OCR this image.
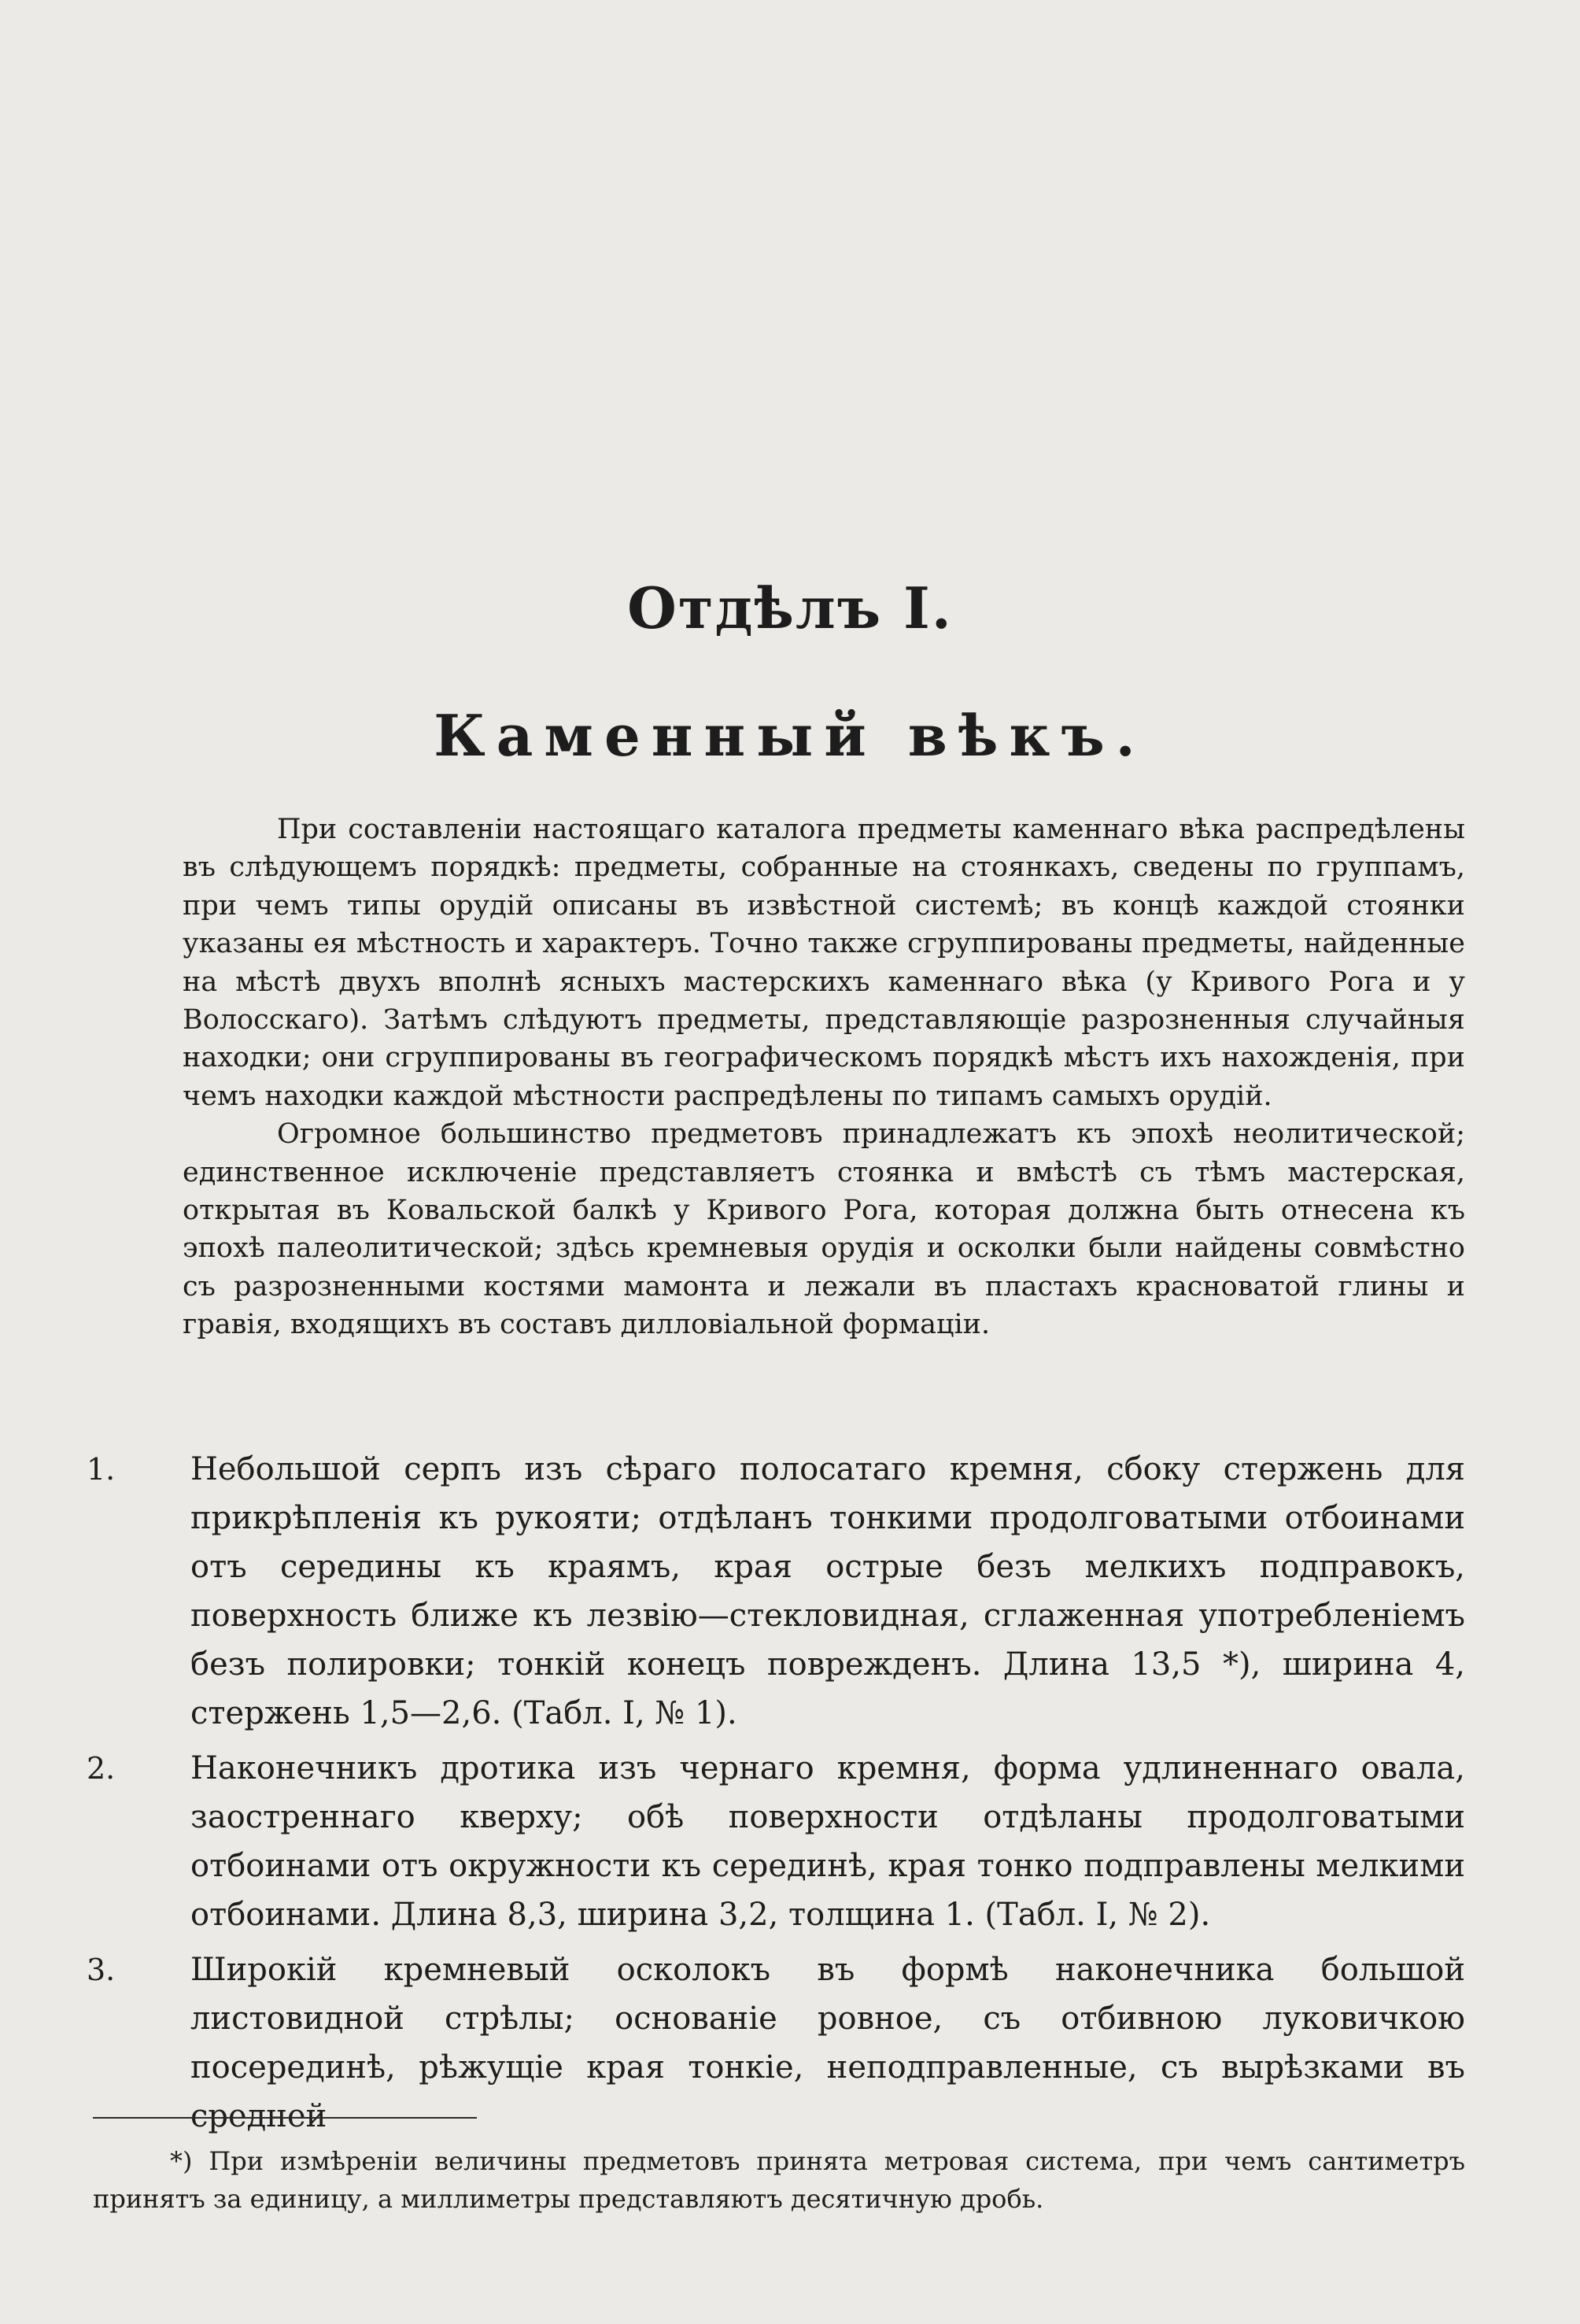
Отдѣлъ I.
Каменный вѣкъ.

При составленіи настоящаго каталога предметы каменнаго вѣка распредѣлены въ слѣдующемъ порядкѣ: предметы, собранные на стоянкахъ, сведены по группамъ, при чемъ типы орудій описаны въ извѣстной системѣ; въ концѣ каждой стоянки указаны ея мѣстность и характеръ. Точно также сгруппированы предметы, найденные на мѣстѣ двухъ вполнѣ ясныхъ мастерскихъ каменнаго вѣка (у Кривого Рога и у Волосскаго). Затѣмъ слѣдуютъ предметы, представляющіе разрозненныя случайныя находки; они сгруппированы въ географическомъ порядкѣ мѣстъ ихъ нахожденія, при чемъ находки каждой мѣстности распредѣлены по типамъ самыхъ орудій.

Огромное большинство предметовъ принадлежатъ къ эпохѣ неолитической; единственное исключеніе представляетъ стоянка и вмѣстѣ съ тѣмъ мастерская, открытая въ Ковальской балкѣ у Кривого Рога, которая должна быть отнесена къ эпохѣ палеолитической; здѣсь кремневыя орудія и осколки были найдены совмѣстно съ разрозненными костями мамонта и лежали въ пластахъ красноватой глины и гравія, входящихъ въ составъ дилловіальной формаціи.

1.	Небольшой серпъ изъ сѣраго полосатаго кремня, сбоку стержень для прикрѣпленія къ рукояти; отдѣланъ тонкими продолговатыми отбоинами отъ середины къ краямъ, края острые безъ мелкихъ подправокъ, поверхность ближе къ лезвію—стекловидная, сглаженная употребленіемъ безъ полировки; тонкій конецъ поврежденъ. Длина 13,5 *), ширина 4, стержень 1,5—2,6. (Табл. I, № 1).
2.	Наконечникъ дротика изъ чернаго кремня, форма удлиненнаго овала, заостреннаго кверху; обѣ поверхности отдѣланы продолговатыми отбоинами отъ окружности къ серединѣ, края тонко подправлены мелкими отбоинами. Длина 8,3, ширина 3,2, толщина 1. (Табл. I, № 2).
3.	Широкій кремневый осколокъ въ формѣ наконечника большой листовидной стрѣлы; основаніе ровное, съ отбивною луковичкою посерединѣ, рѣжущіе края тонкіе, неподправленные, съ вырѣзками въ средней

*) При измѣреніи величины предметовъ принята метровая система, при чемъ сантиметръ принятъ за единицу, а миллиметры представляютъ десятичную дробь.
